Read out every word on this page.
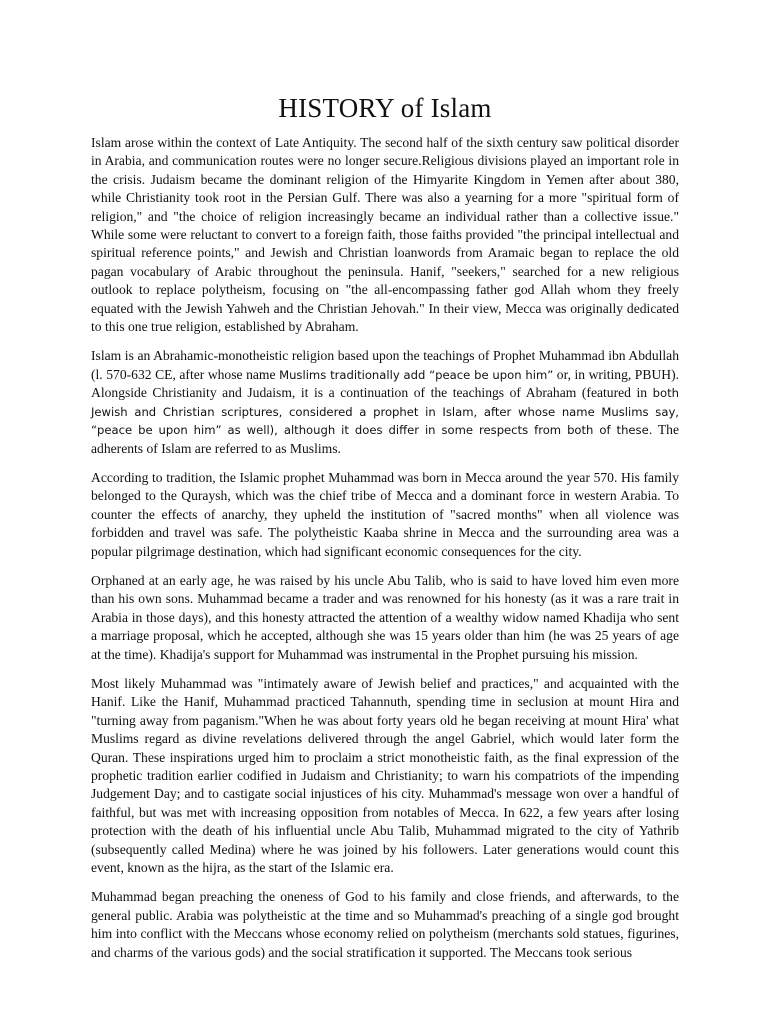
HISTORY of Islam

Islam arose within the context of Late Antiquity. The second half of the sixth century saw political disorder in Arabia, and communication routes were no longer secure.Religious divisions played an important role in the crisis. Judaism became the dominant religion of the Himyarite Kingdom in Yemen after about 380, while Christianity took root in the Persian Gulf. There was also a yearning for a more "spiritual form of religion," and "the choice of religion increasingly became an individual rather than a collective issue." While some were reluctant to convert to a foreign faith, those faiths provided "the principal intellectual and spiritual reference points," and Jewish and Christian loanwords from Aramaic began to replace the old pagan vocabulary of Arabic throughout the peninsula. Hanif, "seekers," searched for a new religious outlook to replace polytheism, focusing on "the all-encompassing father god Allah whom they freely equated with the Jewish Yahweh and the Christian Jehovah." In their view, Mecca was originally dedicated to this one true religion, established by Abraham.

Islam is an Abrahamic-monotheistic religion based upon the teachings of Prophet Muhammad ibn Abdullah (l. 570-632 CE, after whose name Muslims traditionally add “peace be upon him” or, in writing, PBUH). Alongside Christianity and Judaism, it is a continuation of the teachings of Abraham (featured in both Jewish and Christian scriptures, considered a prophet in Islam, after whose name Muslims say, “peace be upon him” as well), although it does differ in some respects from both of these. The adherents of Islam are referred to as Muslims.

According to tradition, the Islamic prophet Muhammad was born in Mecca around the year 570. His family belonged to the Quraysh, which was the chief tribe of Mecca and a dominant force in western Arabia. To counter the effects of anarchy, they upheld the institution of "sacred months" when all violence was forbidden and travel was safe. The polytheistic Kaaba shrine in Mecca and the surrounding area was a popular pilgrimage destination, which had significant economic consequences for the city.

Orphaned at an early age, he was raised by his uncle Abu Talib, who is said to have loved him even more than his own sons. Muhammad became a trader and was renowned for his honesty (as it was a rare trait in Arabia in those days), and this honesty attracted the attention of a wealthy widow named Khadija who sent a marriage proposal, which he accepted, although she was 15 years older than him (he was 25 years of age at the time). Khadija's support for Muhammad was instrumental in the Prophet pursuing his mission.

Most likely Muhammad was "intimately aware of Jewish belief and practices," and acquainted with the Hanif. Like the Hanif, Muhammad practiced Tahannuth, spending time in seclusion at mount Hira and "turning away from paganism."When he was about forty years old he began receiving at mount Hira' what Muslims regard as divine revelations delivered through the angel Gabriel, which would later form the Quran. These inspirations urged him to proclaim a strict monotheistic faith, as the final expression of the prophetic tradition earlier codified in Judaism and Christianity; to warn his compatriots of the impending Judgement Day; and to castigate social injustices of his city. Muhammad's message won over a handful of faithful, but was met with increasing opposition from notables of Mecca. In 622, a few years after losing protection with the death of his influential uncle Abu Talib, Muhammad migrated to the city of Yathrib (subsequently called Medina) where he was joined by his followers. Later generations would count this event, known as the hijra, as the start of the Islamic era.

Muhammad began preaching the oneness of God to his family and close friends, and afterwards, to the general public. Arabia was polytheistic at the time and so Muhammad's preaching of a single god brought him into conflict with the Meccans whose economy relied on polytheism (merchants sold statues, figurines, and charms of the various gods) and the social stratification it supported. The Meccans took serious
